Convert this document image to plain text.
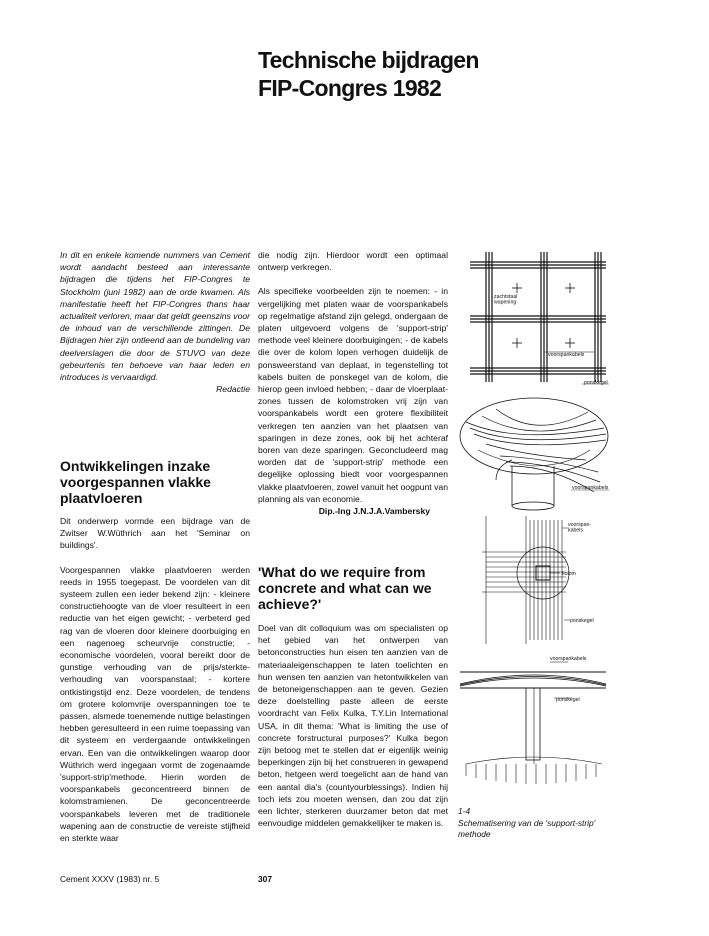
Technische bijdragen
FIP-Congres 1982
In dit en enkele komende nummers van Cement wordt aandacht besteed aan interessante bijdragen die tijdens het FIP-Congres te Stockholm (juni 1982) aan de orde kwamen. Als manifestatie heeft het FIP-Congres thans haar actualiteit verloren, maar dat geldt geenszins voor de inhoud van de verschillende zittingen. De Bijdragen hier zijn ontleend aan de bundeling van deelverslagen die door de STUVO van deze gebeurtenis ten behoeve van haar leden en introduces is vervaardigd.
Redactie
Ontwikkelingen inzake voorgespannen vlakke plaatvloeren

Dit onderwerp vormde een bijdrage van de Zwitser W.Wüthrich aan het 'Seminar on buildings'.

Voorgespannen vlakke plaatvloeren werden reeds in 1955 toegepast. De voordelen van dit systeem zullen een ieder bekend zijn: - kleinere constructiehoogte van de vloer resulteert in een reductie van het eigen gewicht; - verbeterd ged rag van de vloeren door kleinere doorbuiging en een nagenoeg scheurvrije constructie; - economische voordelen, vooral bereikt door de gunstige verhouding van de prijs/sterkte-verhouding van voorspanstaal; - kortere ontkistingstijd enz. Deze voordelen, de tendens om grotere kolomvrije overspanningen toe te passen, alsmede toenemende nuttige belastingen hebben geresulteerd in een ruime toepassing van dit systeem en verdergaande ontwikkelingen ervan. Een van die ontwikkelingen waarop door Wüthrich werd ingegaan vormt de zogenaamde 'support-strip'methode. Hierin worden de voorspankabels geconcentreerd binnen de kolomstramienen. De geconcentreerde voorspankabels leveren met de traditionele wapening aan de constructie de vereiste stijfheid en sterkte waar

die nodig zijn. Hierdoor wordt een optimaal ontwerp verkregen.

Als specifieke voorbeelden zijn te noemen: - in vergelijking met platen waar de voorspankabels op regelmatige afstand zijn gelegd, ondergaan de platen uitgevoerd volgens de 'support-strip' methode veel kleinere doorbuigingen; - de kabels die over de kolom lopen verhogen duidelijk de ponsweerstand van deplaat, in tegenstelling tot kabels buiten de ponskegel van de kolom, die hierop geen invloed hebben; - daar de vloerplaat-zones tussen de kolomstroken vrij zijn van voorspankabels wordt een grotere flexibiliteit verkregen ten aanzien van het plaatsen van sparingen in deze zones, ook bij het achteraf boren van deze sparingen. Geconcludeerd mag worden dat de 'support-strip' methode een degelijke oplossing biedt voor voorgespannen vlakke plaatvloeren, zowel vanuit het oogpunt van planning als van economie.

Dip.-Ing J.N.J.A.Vambersky
'What do we require from concrete and what can we achieve?'

Doel van dit colloquium was om specialisten op het gebied van het ontwerpen van betonconstructies hun eisen ten aanzien van de materiaaleigenschappen te laten toelichten en hun wensen ten aanzien van hetontwikkelen van de betoneigenschappen aan te geven. Gezien deze doelstelling paste alleen de eerste voordracht van Felix Kulka, T.Y.Lin International USA, in dit thema: 'What is limiting the use of concrete forstructural purposes?' Kulka begon zijn betoog met te stellen dat er eigenlijk weinig beperkingen zijn bij het construeren in gewapend beton, hetgeen werd toegelicht aan de hand van een aantal dia's (countyourblessings). Indien hij toch iets zou moeten wensen, dan zou dat zijn een lichter, sterkeren duurzamer beton dat met eenvoudige middelen gemakkelijker te maken is.

zachtstaal wapening
voorspankabels
ponskegel
voorspankabels
voorspan-kabels
kolom
ponskegel
voorspankabels
ponskegel
1-4
Schematisering van de 'support-strip' methode
Cement XXXV (1983) nr. 5	307
